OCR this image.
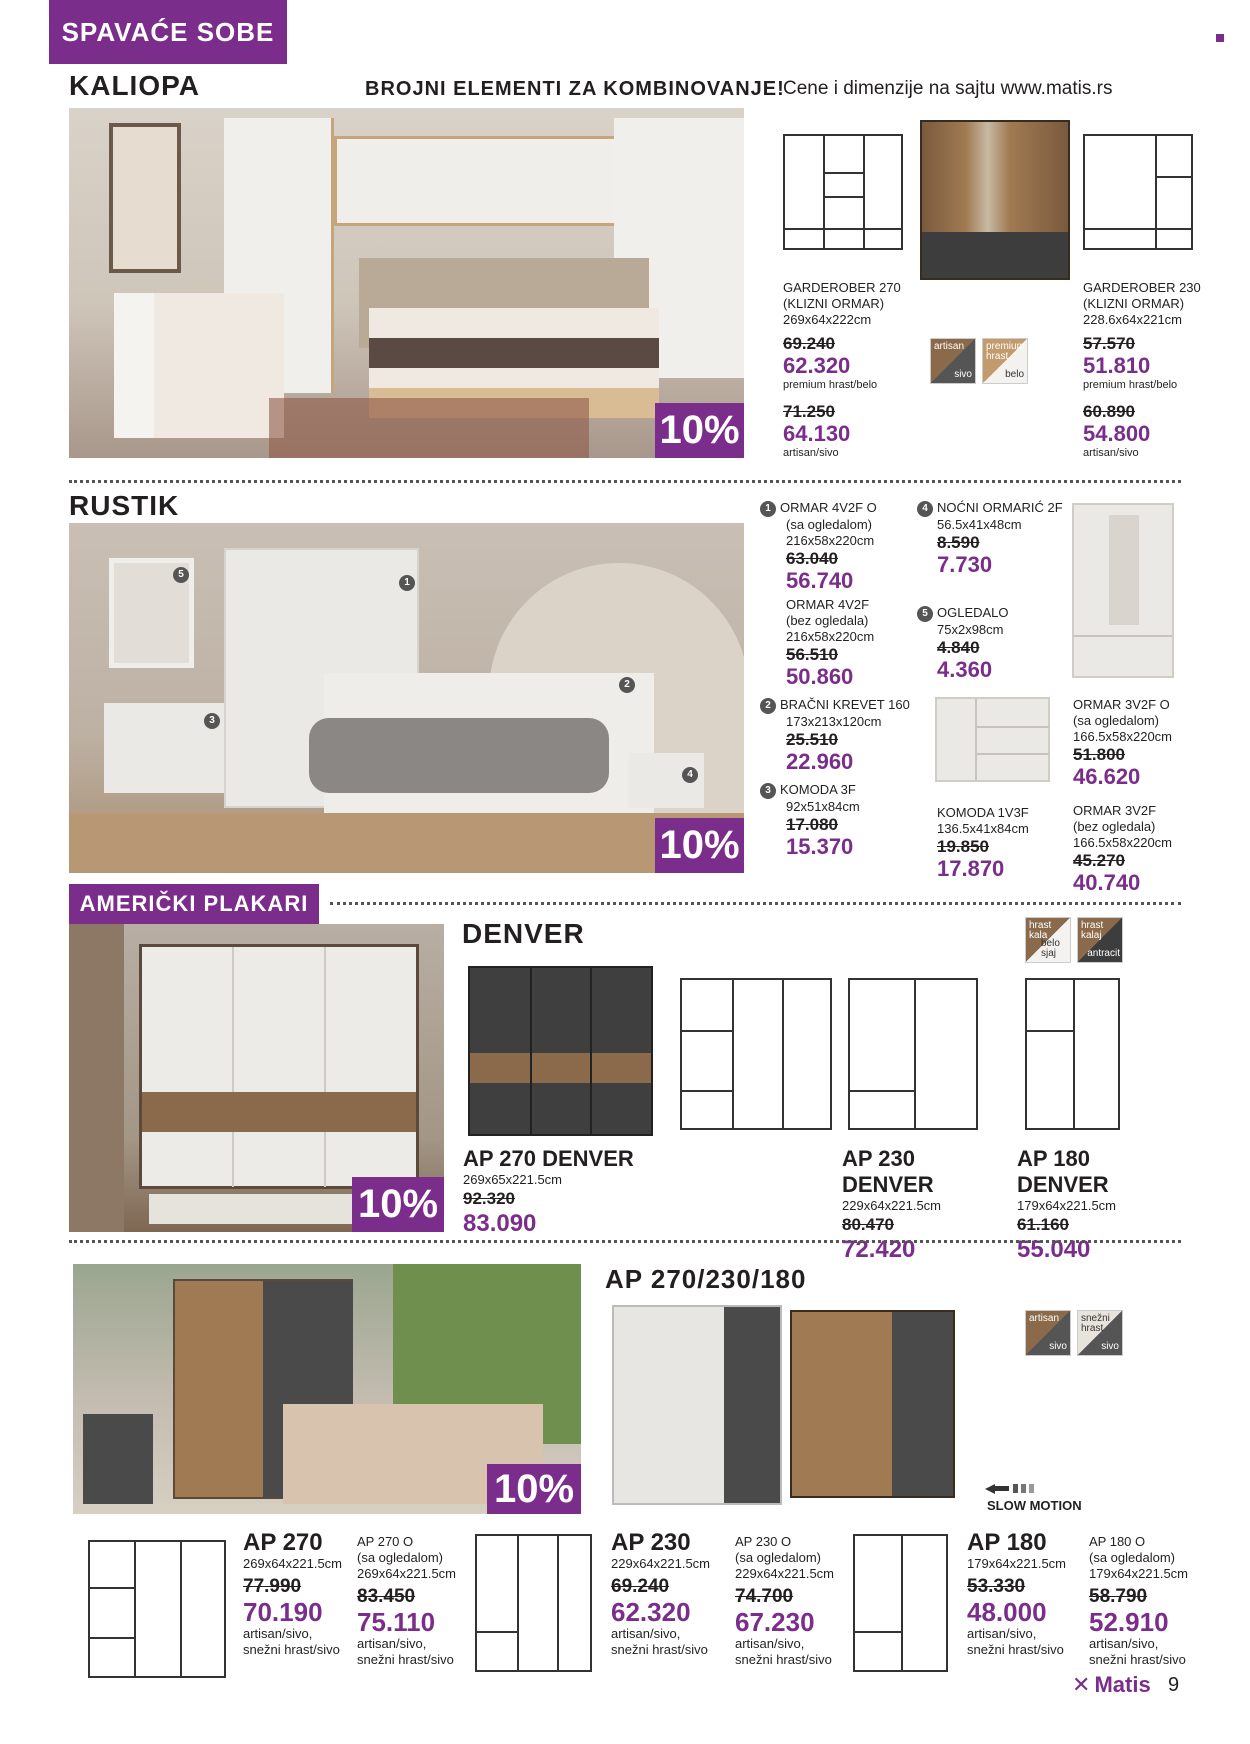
SPAVAĆE SOBE
KALIOPA	BROJNI ELEMENTI ZA KOMBINOVANJE!
Cene i dimenzije na sajtu www.matis.rs
10%
GARDEROBER 270
(KLIZNI ORMAR)
269x64x222cm
69.240
62.320
premium hrast/belo
71.250
64.130
artisan/sivo
artisan
sivo
premium hrast
belo
GARDEROBER 230
(KLIZNI ORMAR)
228.6x64x221cm
57.570
51.810
premium hrast/belo
60.890
54.800
artisan/sivo
RUSTIK
5
1
2
3
4
10%
1 ORMAR 4V2F O
(sa ogledalom)
216x58x220cm
63.040
56.740
ORMAR 4V2F
(bez ogledala)
216x58x220cm
56.510
50.860
2 BRAČNI KREVET 160
173x213x120cm
25.510
22.960
3 KOMODA 3F
92x51x84cm
17.080
15.370
4 NOĆNI ORMARIĆ 2F
56.5x41x48cm
8.590
7.730
5 OGLEDALO
75x2x98cm
4.840
4.360
KOMODA 1V3F
136.5x41x84cm
19.850
17.870
ORMAR 3V2F O
(sa ogledalom)
166.5x58x220cm
51.800
46.620
ORMAR 3V2F
(bez ogledala)
166.5x58x220cm
45.270
40.740
AMERIČKI PLAKARI
10%
DENVER	hrast kala
belo sjaj
hrast kalaj
antracit
AP 270 DENVER
269x65x221.5cm
92.320
83.090
AP 230 DENVER
229x64x221.5cm
80.470
72.420
AP 180 DENVER
179x64x221.5cm
61.160
55.040
10%
AP 270/230/180
artisan
sivo
snežni hrast
sivo
SLOW MOTION
AP 270
269x64x221.5cm
77.990
70.190
artisan/sivo,
snežni hrast/sivo
AP 270 O
(sa ogledalom)
269x64x221.5cm
83.450
75.110
artisan/sivo,
snežni hrast/sivo
AP 230
229x64x221.5cm
69.240
62.320
artisan/sivo,
snežni hrast/sivo
AP 230 O
(sa ogledalom)
229x64x221.5cm
74.700
67.230
artisan/sivo,
snežni hrast/sivo
AP 180
179x64x221.5cm
53.330
48.000
artisan/sivo,
snežni hrast/sivo
AP 180 O
(sa ogledalom)
179x64x221.5cm
58.790
52.910
artisan/sivo,
snežni hrast/sivo
✕ Matis 9
